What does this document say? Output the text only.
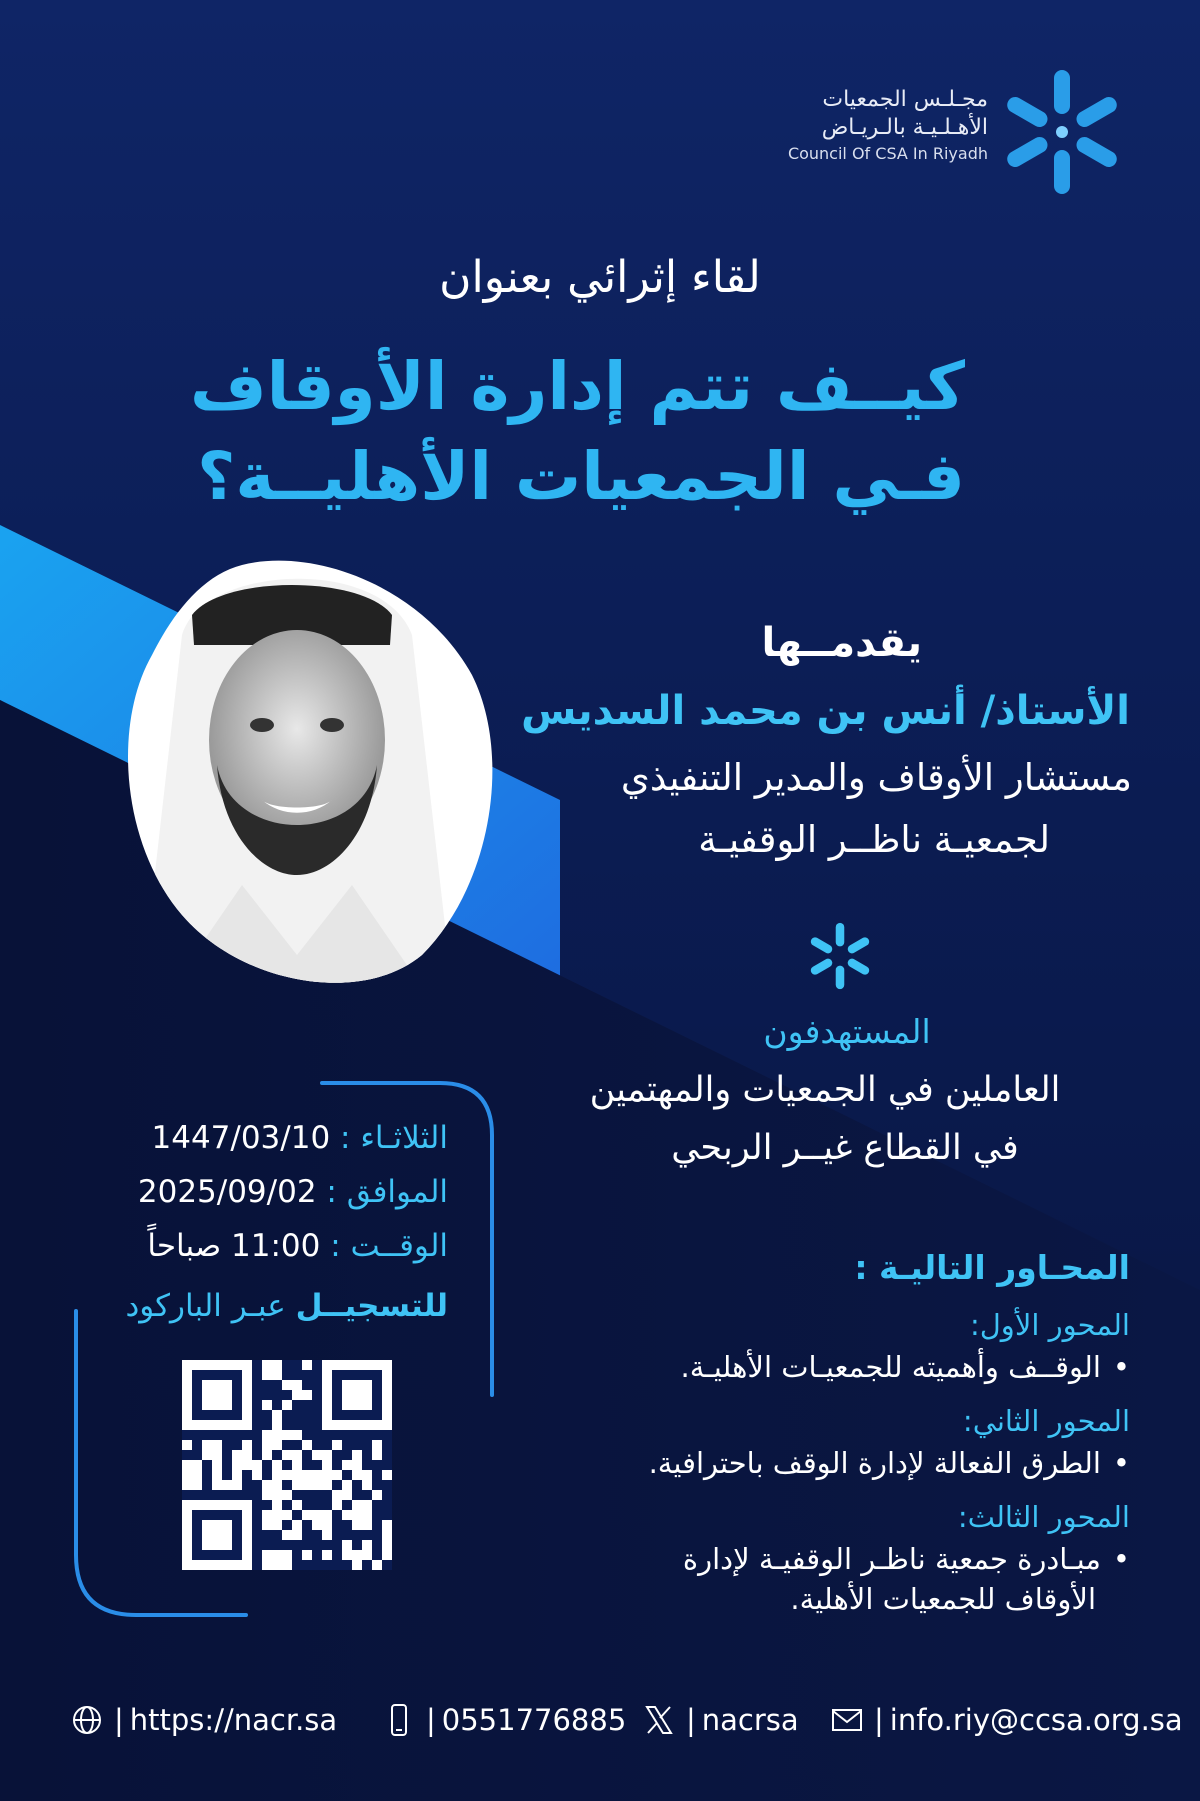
مجـلـس الجمعيات
الأهـلـيـة بالـريـاض
Council Of CSA In Riyadh
لقاء إثرائي بعنوان
كيــف تتم إدارة الأوقاف
فـي الجمعيات الأهليــة؟
يقدمــها
الأستاذ/ أنس بن محمد السديس
مستشار الأوقاف والمدير التنفيذي
لجمعيـة ناظــر الوقفيـة
المستهدفون
العاملين في الجمعيات والمهتمين
في القطاع غيــر الربحي
المحـاور التاليـة :
المحور الأول:
•الوقــف وأهميته للجمعيـات الأهليـة.
المحور الثاني:
•الطرق الفعالة لإدارة الوقف باحترافية.
المحور الثالث:
•مبـادرة جمعية ناظـر الوقفيـة لإدارة
الأوقاف للجمعيات الأهلية.
الثلاثـاء : 1447/03/10
الموافق : 2025/09/02
الوقــت : 11:00 صباحاً
للتسجيــل عبـر الباركود
| https://nacr.sa	| 0551776885 | nacrsa	| info.riy@ccsa.org.sa
